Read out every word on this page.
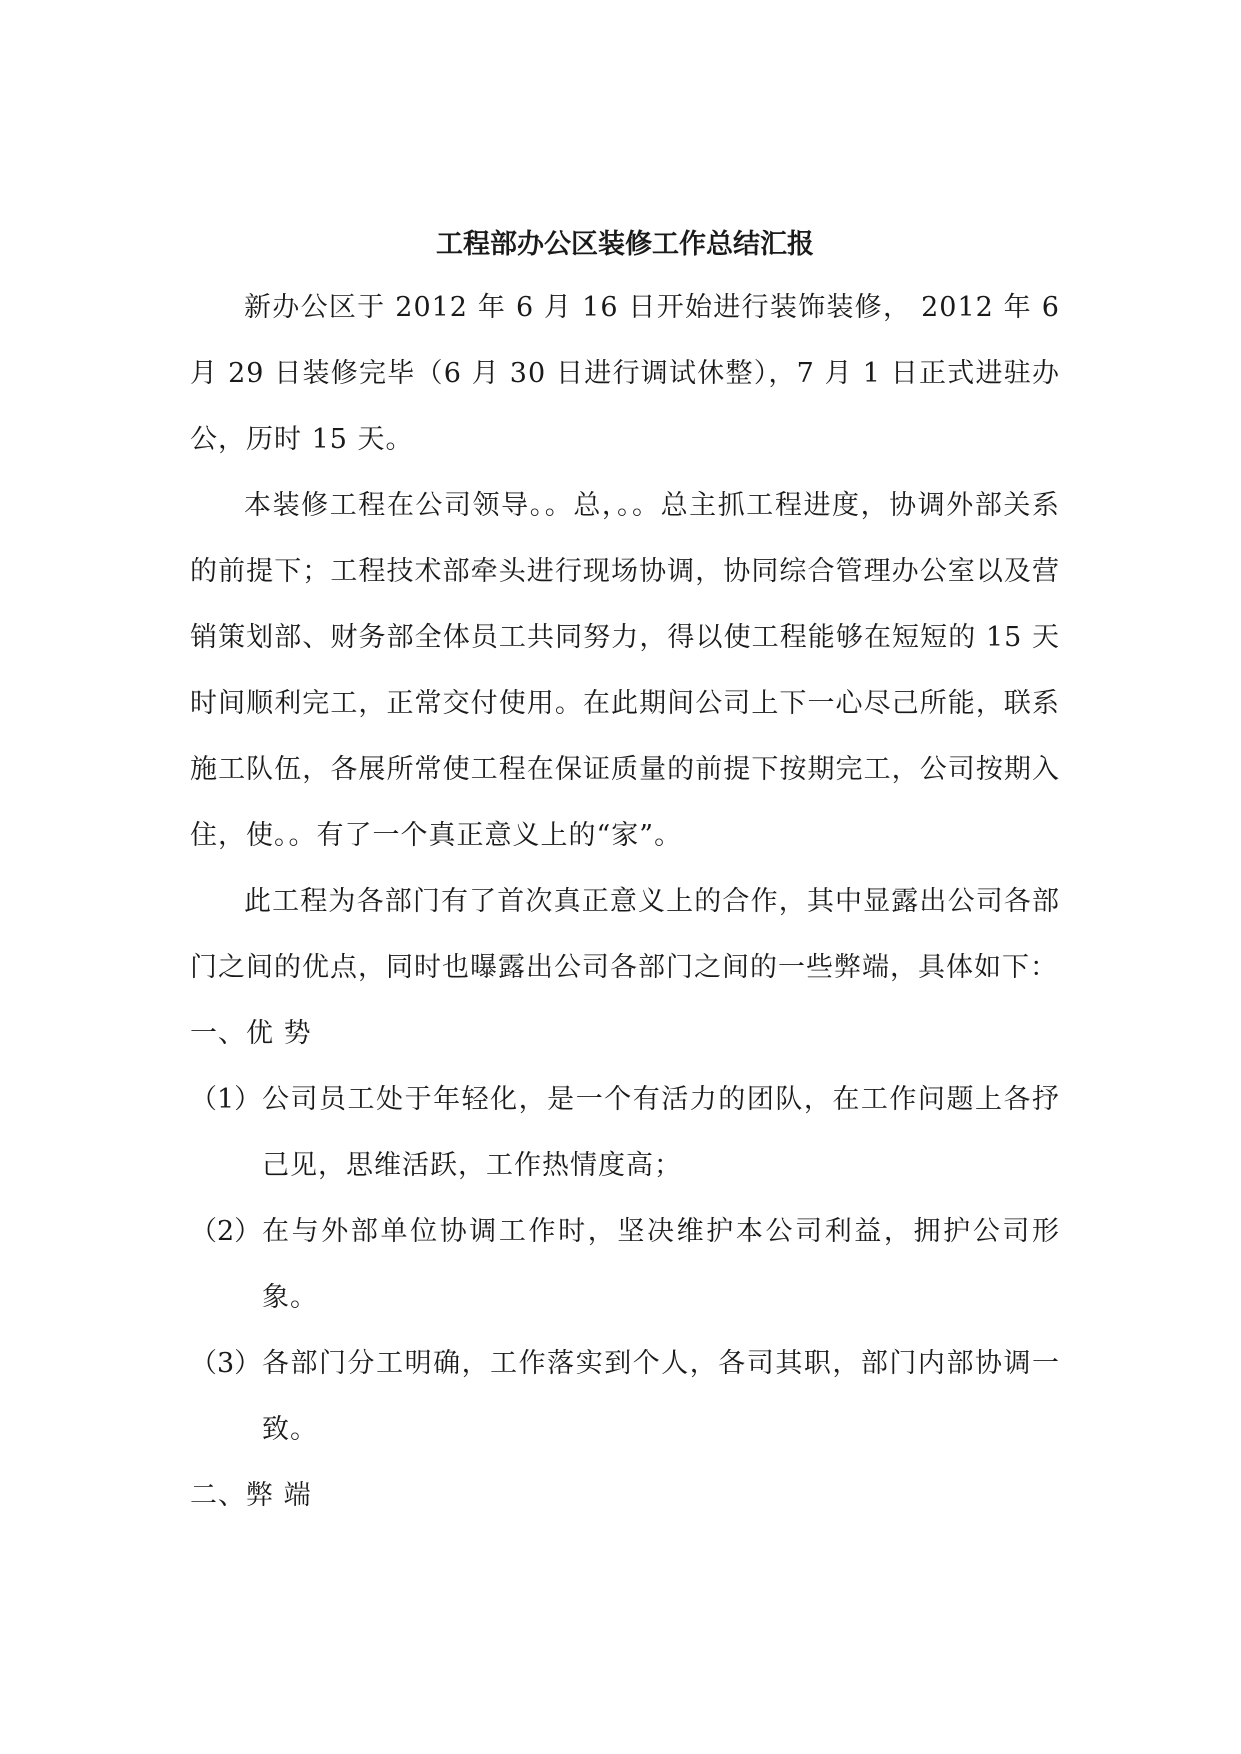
工程部办公区装修工作总结汇报

新办公区于 2012 年 6 月 16 日开始进行装饰装修， 2012 年 6 月 29 日装修完毕（6 月 30 日进行调试休整），7 月 1 日正式进驻办公，历时 15 天。

本装修工程在公司领导。。总，。。总主抓工程进度，协调外部关系的前提下；工程技术部牵头进行现场协调，协同综合管理办公室以及营销策划部、财务部全体员工共同努力，得以使工程能够在短短的 15 天时间顺利完工，正常交付使用。在此期间公司上下一心尽己所能，联系施工队伍，各展所常使工程在保证质量的前提下按期完工，公司按期入住，使。。有了一个真正意义上的“家”。

此工程为各部门有了首次真正意义上的合作，其中显露出公司各部门之间的优点，同时也曝露出公司各部门之间的一些弊端，具体如下：

一、优 势

（1） 公司员工处于年轻化，是一个有活力的团队，在工作问题上各抒己见，思维活跃，工作热情度高；
（2） 在与外部单位协调工作时，坚决维护本公司利益，拥护公司形象。
（3） 各部门分工明确，工作落实到个人，各司其职，部门内部协调一致。

二、弊 端
